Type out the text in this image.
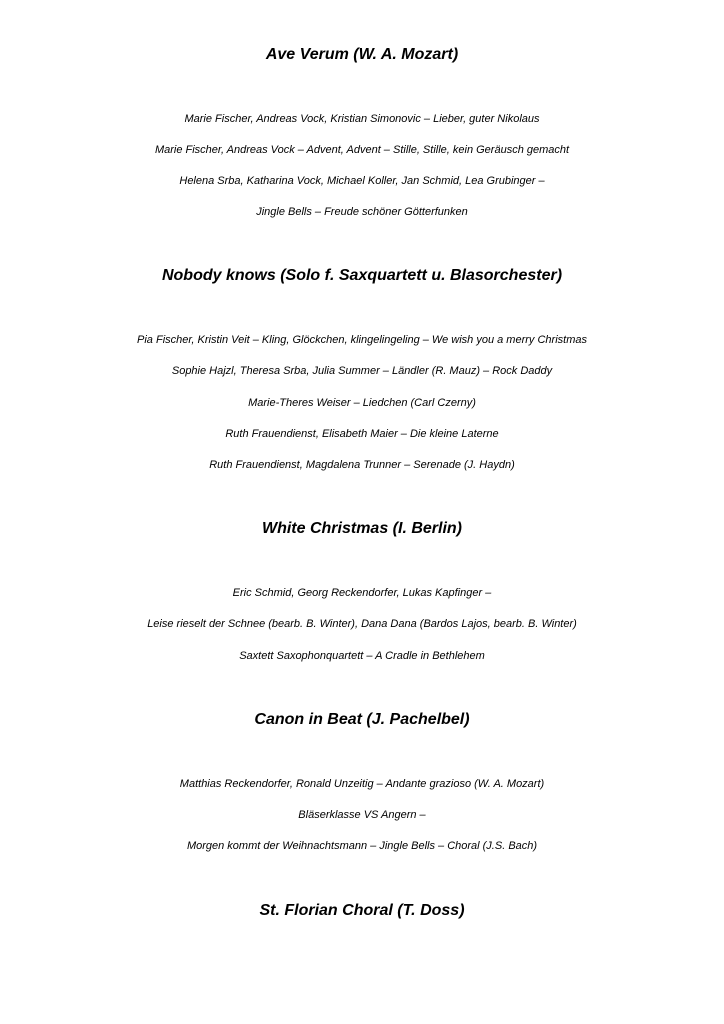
Ave Verum (W. A. Mozart)
Marie Fischer, Andreas Vock, Kristian Simonovic – Lieber, guter Nikolaus
Marie Fischer, Andreas Vock – Advent, Advent – Stille, Stille, kein Geräusch gemacht
Helena Srba, Katharina Vock, Michael Koller, Jan Schmid, Lea Grubinger –
Jingle Bells – Freude schöner Götterfunken
Nobody knows (Solo f. Saxquartett u. Blasorchester)
Pia Fischer, Kristin Veit – Kling, Glöckchen, klingelingeling – We wish you a merry Christmas
Sophie Hajzl, Theresa Srba, Julia Summer – Ländler (R. Mauz) – Rock Daddy
Marie-Theres Weiser – Liedchen (Carl Czerny)
Ruth Frauendienst, Elisabeth Maier – Die kleine Laterne
Ruth Frauendienst, Magdalena Trunner – Serenade (J. Haydn)
White Christmas (I. Berlin)
Eric Schmid, Georg Reckendorfer, Lukas Kapfinger –
Leise rieselt der Schnee (bearb. B. Winter), Dana Dana (Bardos Lajos, bearb. B. Winter)
Saxtett Saxophonquartett – A Cradle in Bethlehem
Canon in Beat (J. Pachelbel)
Matthias Reckendorfer, Ronald Unzeitig – Andante grazioso (W. A. Mozart)
Bläserklasse VS Angern –
Morgen kommt der Weihnachtsmann – Jingle Bells – Choral (J.S. Bach)
St. Florian Choral (T. Doss)
